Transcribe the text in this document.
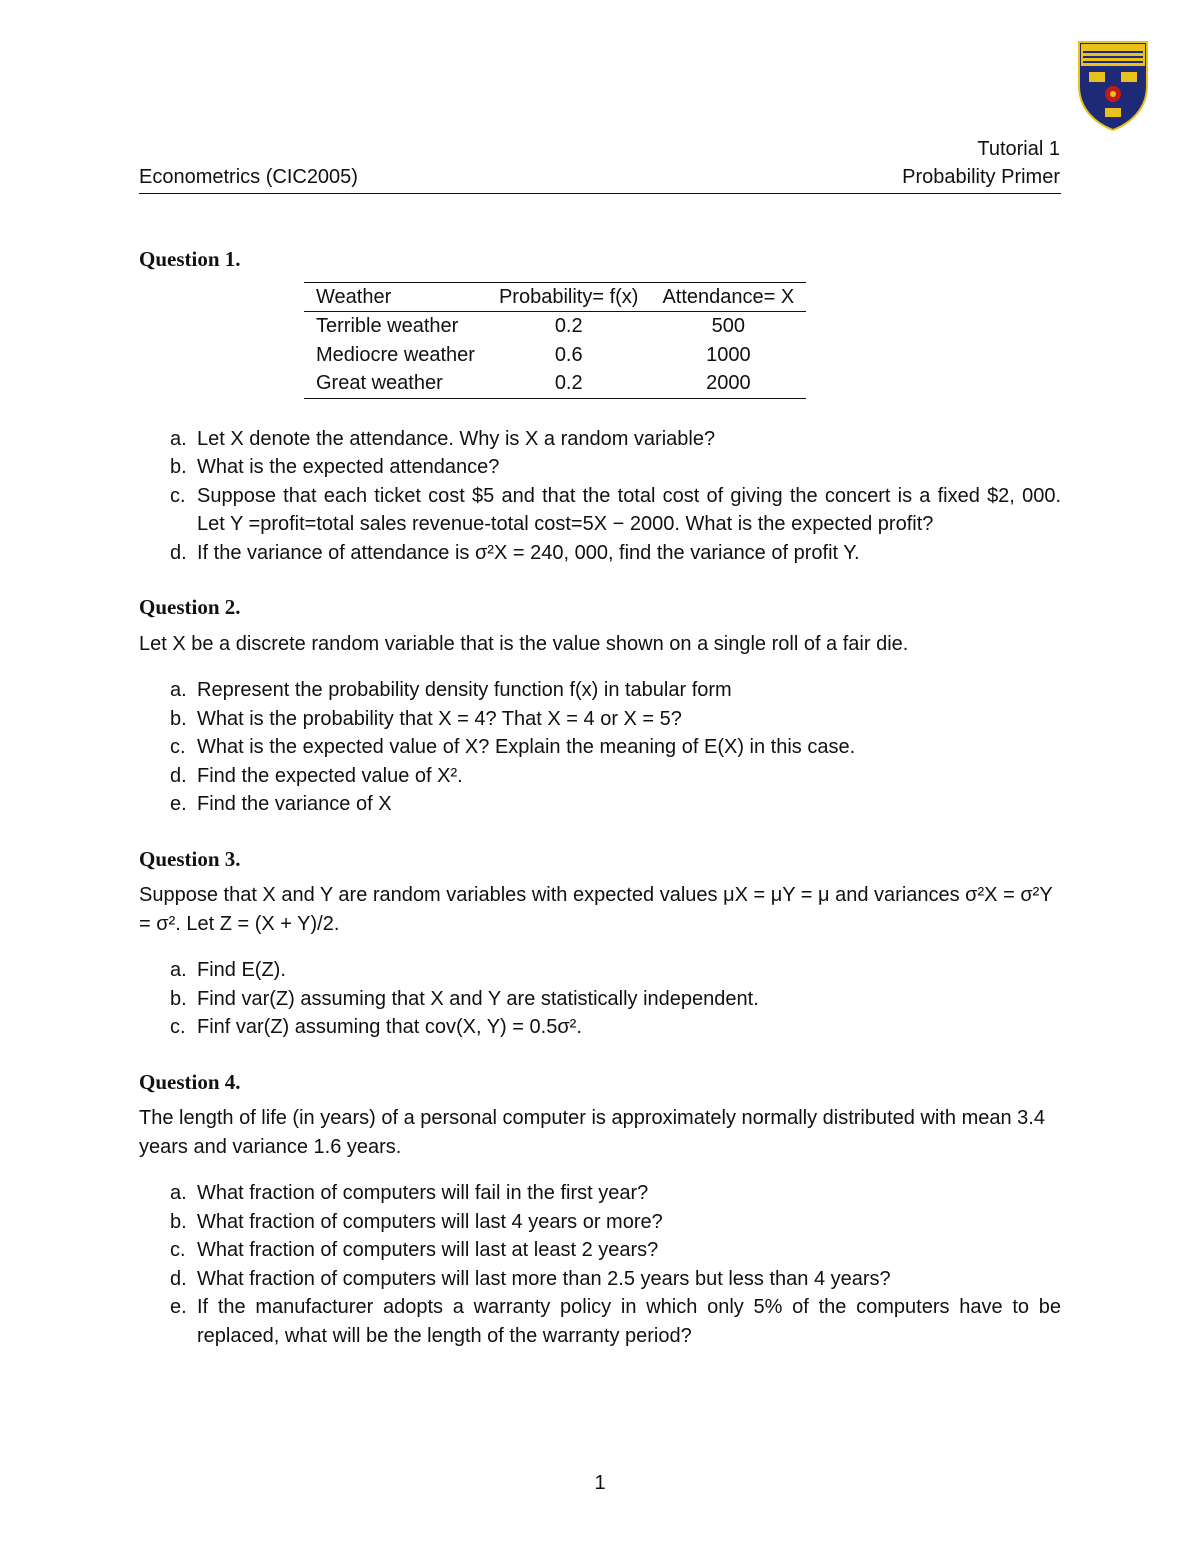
Tutorial 1
Econometrics (CIC2005)	Probability Primer
Question 1.
Weather	Probability= f(x)	Attendance= X
Terrible weather	0.2	500
Mediocre weather	0.6	1000
Great weather	0.2	2000
a. Let X denote the attendance. Why is X a random variable?
b. What is the expected attendance?
c. Suppose that each ticket cost $5 and that the total cost of giving the concert is a fixed $2, 000. Let Y =profit=total sales revenue-total cost=5X − 2000. What is the expected profit?
d. If the variance of attendance is σ²X = 240, 000, find the variance of profit Y.
Question 2.
Let X be a discrete random variable that is the value shown on a single roll of a fair die.
a. Represent the probability density function f(x) in tabular form
b. What is the probability that X = 4? That X = 4 or X = 5?
c. What is the expected value of X? Explain the meaning of E(X) in this case.
d. Find the expected value of X².
e. Find the variance of X
Question 3.
Suppose that X and Y are random variables with expected values μX = μY = μ and variances σ²X = σ²Y = σ². Let Z = (X + Y)/2.
a. Find E(Z).
b. Find var(Z) assuming that X and Y are statistically independent.
c. Finf var(Z) assuming that cov(X, Y) = 0.5σ².
Question 4.
The length of life (in years) of a personal computer is approximately normally distributed with mean 3.4 years and variance 1.6 years.
a. What fraction of computers will fail in the first year?
b. What fraction of computers will last 4 years or more?
c. What fraction of computers will last at least 2 years?
d. What fraction of computers will last more than 2.5 years but less than 4 years?
e. If the manufacturer adopts a warranty policy in which only 5% of the computers have to be replaced, what will be the length of the warranty period?
1
